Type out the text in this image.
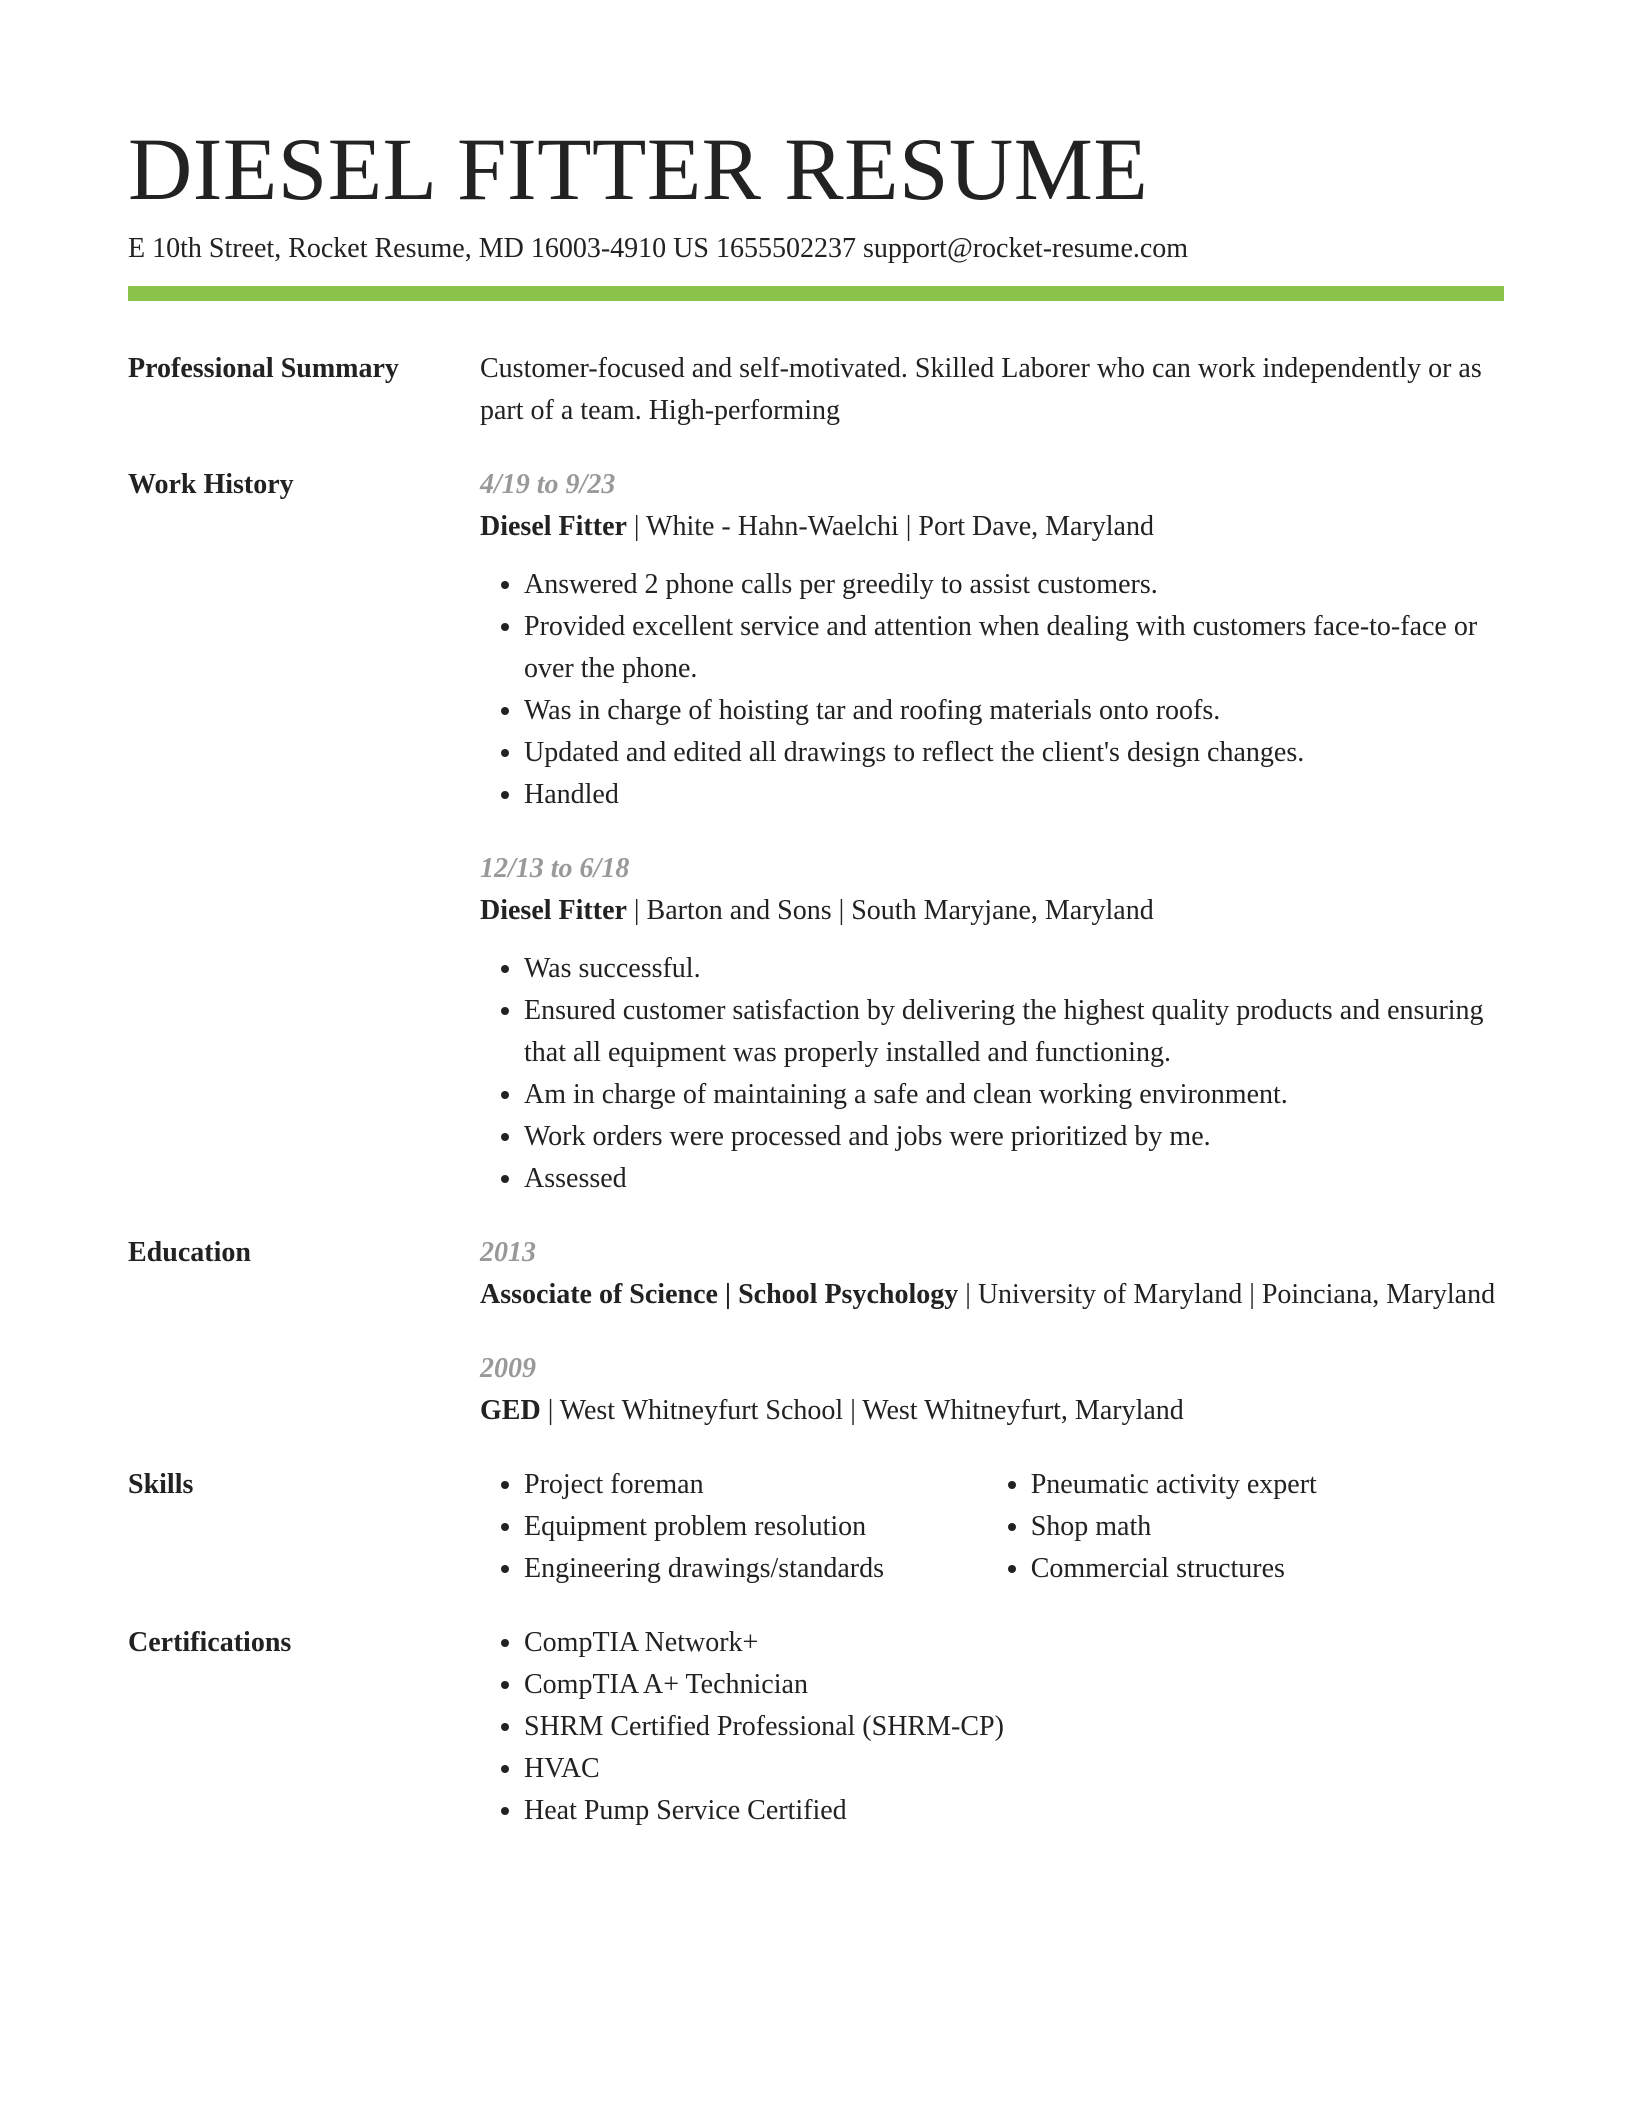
DIESEL FITTER RESUME
E 10th Street, Rocket Resume, MD 16003-4910 US 1655502237 support@rocket-resume.com
Professional Summary	Customer-focused and self-motivated. Skilled Laborer who can work independently or as part of a team. High-performing

Work History	4/19 to 9/23

Diesel Fitter | White - Hahn-Waelchi | Port Dave, Maryland

• Answered 2 phone calls per greedily to assist customers.
• Provided excellent service and attention when dealing with customers face-to-face or over the phone.
• Was in charge of hoisting tar and roofing materials onto roofs.
• Updated and edited all drawings to reflect the client's design changes.
• Handled
12/13 to 6/18

Diesel Fitter | Barton and Sons | South Maryjane, Maryland

• Was successful.
• Ensured customer satisfaction by delivering the highest quality products and ensuring that all equipment was properly installed and functioning.
• Am in charge of maintaining a safe and clean working environment.
• Work orders were processed and jobs were prioritized by me.
• Assessed
Education	2013

Associate of Science | School Psychology | University of Maryland | Poinciana, Maryland

2009

GED | West Whitneyfurt School | West Whitneyfurt, Maryland

Skills	• Project foreman
• Equipment problem resolution
• Engineering drawings/standards
• Pneumatic activity expert
• Shop math
• Commercial structures
Certifications	• CompTIA Network+
• CompTIA A+ Technician
• SHRM Certified Professional (SHRM-CP)
• HVAC
• Heat Pump Service Certified
